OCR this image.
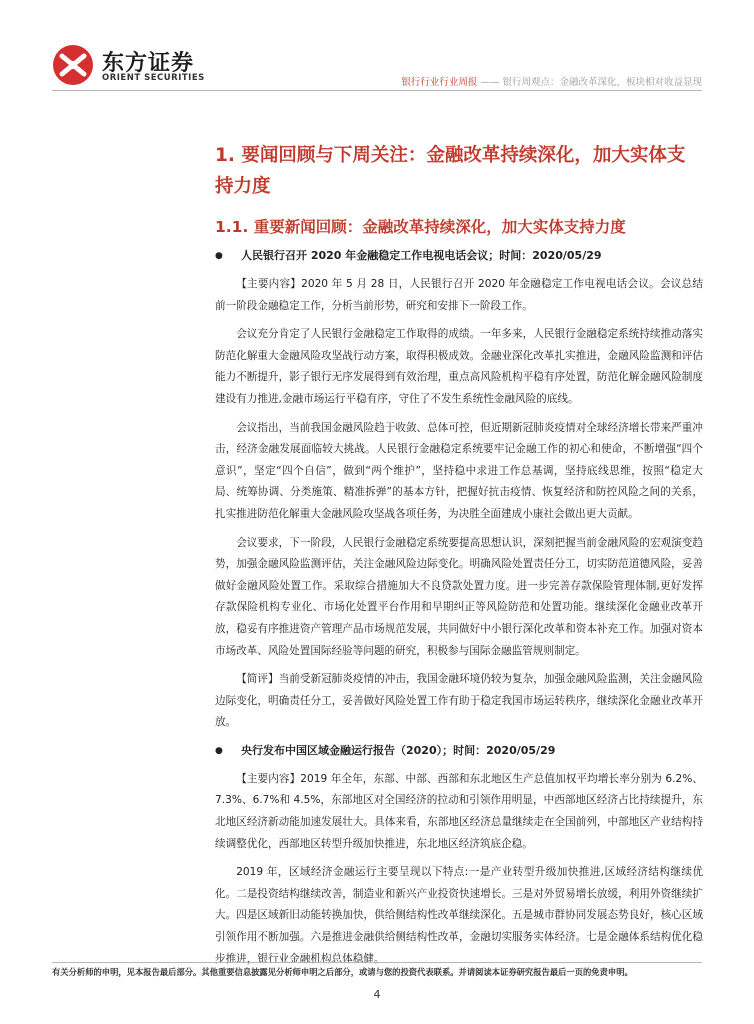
东方证券
ORIENT SECURITIES	银行行业行业周报 —— 银行周观点：金融改革深化，板块相对收益显现
1. 要闻回顾与下周关注：金融改革持续深化，加大实体支持力度
1.1. 重要新闻回顾：金融改革持续深化，加大实体支持力度
● 人民银行召开 2020 年金融稳定工作电视电话会议；时间：2020/05/29

【主要内容】2020 年 5 月 28 日，人民银行召开 2020 年金融稳定工作电视电话会议。会议总结前一阶段金融稳定工作，分析当前形势，研究和安排下一阶段工作。

会议充分肯定了人民银行金融稳定工作取得的成绩。一年多来，人民银行金融稳定系统持续推动落实防范化解重大金融风险攻坚战行动方案，取得积极成效。金融业深化改革扎实推进，金融风险监测和评估能力不断提升，影子银行无序发展得到有效治理，重点高风险机构平稳有序处置，防范化解金融风险制度建设有力推进,金融市场运行平稳有序，守住了不发生系统性金融风险的底线。

会议指出，当前我国金融风险趋于收敛、总体可控，但近期新冠肺炎疫情对全球经济增长带来严重冲击，经济金融发展面临较大挑战。人民银行金融稳定系统要牢记金融工作的初心和使命，不断增强“四个意识”，坚定“四个自信”，做到“两个维护”，坚持稳中求进工作总基调，坚持底线思维，按照“稳定大局、统筹协调、分类施策、精准拆弹”的基本方针，把握好抗击疫情、恢复经济和防控风险之间的关系，扎实推进防范化解重大金融风险攻坚战各项任务，为决胜全面建成小康社会做出更大贡献。

会议要求，下一阶段，人民银行金融稳定系统要提高思想认识，深刻把握当前金融风险的宏观演变趋势，加强金融风险监测评估，关注金融风险边际变化。明确风险处置责任分工，切实防范道德风险，妥善做好金融风险处置工作。采取综合措施加大不良贷款处置力度。进一步完善存款保险管理体制,更好发挥存款保险机构专业化、市场化处置平台作用和早期纠正等风险防范和处置功能。继续深化金融业改革开放，稳妥有序推进资产管理产品市场规范发展，共同做好中小银行深化改革和资本补充工作。加强对资本市场改革、风险处置国际经验等问题的研究，积极参与国际金融监管规则制定。

【简评】当前受新冠肺炎疫情的冲击，我国金融环境仍较为复杂，加强金融风险监测，关注金融风险边际变化，明确责任分工，妥善做好风险处置工作有助于稳定我国市场运转秩序，继续深化金融业改革开放。

● 央行发布中国区域金融运行报告（2020）；时间：2020/05/29

【主要内容】2019 年全年，东部、中部、西部和东北地区生产总值加权平均增长率分别为 6.2%、7.3%、6.7%和 4.5%，东部地区对全国经济的拉动和引领作用明显，中西部地区经济占比持续提升，东北地区经济新动能加速发展壮大。具体来看，东部地区经济总量继续走在全国前列，中部地区产业结构持续调整优化，西部地区转型升级加快推进，东北地区经济筑底企稳。

2019 年，区域经济金融运行主要呈现以下特点:一是产业转型升级加快推进,区域经济结构继续优化。二是投资结构继续改善，制造业和新兴产业投资快速增长。三是对外贸易增长放缓，利用外资继续扩大。四是区域新旧动能转换加快，供给侧结构性改革继续深化。五是城市群协同发展态势良好，核心区域引领作用不断加强。六是推进金融供给侧结构性改革，金融切实服务实体经济。七是金融体系结构优化稳步推进，银行业金融机构总体稳健。

有关分析师的申明，见本报告最后部分。其他重要信息披露见分析师申明之后部分，或请与您的投资代表联系。并请阅读本证券研究报告最后一页的免责申明。
4
